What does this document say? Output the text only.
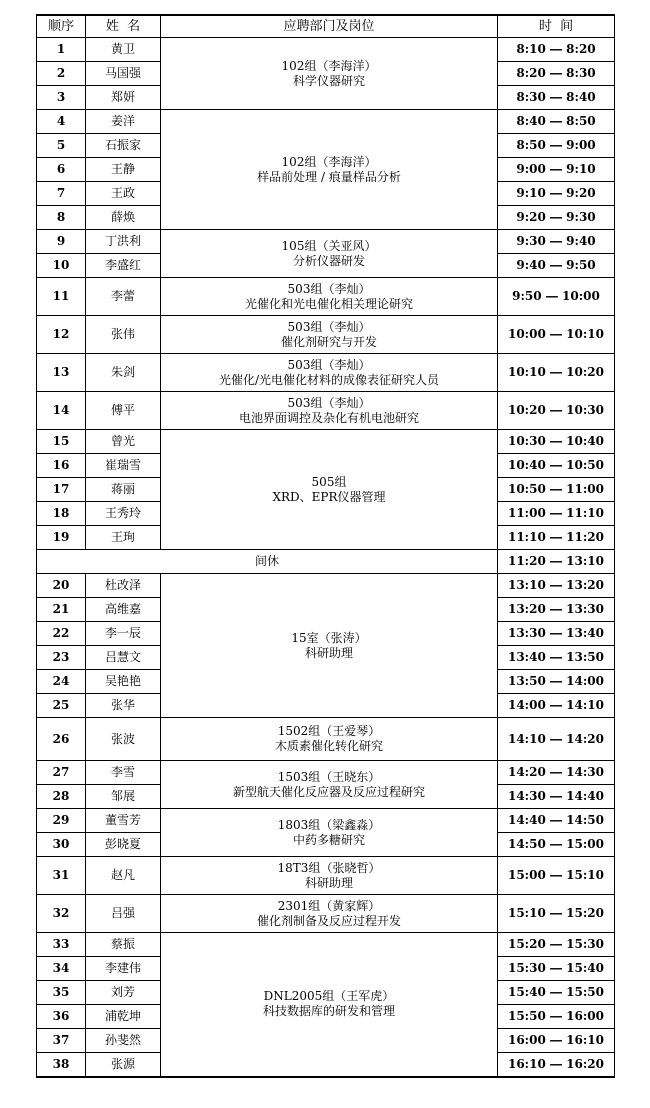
顺序	姓  名	应聘部门及岗位	时  间
1	黄卫	102组（李海洋）
科学仪器研究	8:10 ― 8:20
2	马国强		8:20 ― 8:30
3	郑妍		8:30 ― 8:40
4	姜洋	102组（李海洋）
样品前处理 / 痕量样品分析	8:40 ― 8:50
5	石振家		8:50 ― 9:00
6	王静		9:00 ― 9:10
7	王政		9:10 ― 9:20
8	薛焕		9:20 ― 9:30
9	丁洪利	105组（关亚风）
分析仪器研发	9:30 ― 9:40
10	李盛红		9:40 ― 9:50
11	李蕾	503组（李灿）
光催化和光电催化相关理论研究	9:50 ― 10:00
12	张伟	503组（李灿）
催化剂研究与开发	10:00 ― 10:10
13	朱剑	503组（李灿）
光催化/光电催化材料的成像表征研究人员	10:10 ― 10:20
14	傅平	503组（李灿）
电池界面调控及杂化有机电池研究	10:20 ― 10:30
15	曾光	505组
XRD、EPR仪器管理	10:30 ― 10:40
16	崔瑞雪		10:40 ― 10:50
17	蒋丽		10:50 ― 11:00
18	王秀玲		11:00 ― 11:10
19	王珣		11:10 ― 11:20
间休			11:20 ― 13:10
20	杜改泽	15室（张涛）
科研助理	13:10 ― 13:20
21	高维嘉		13:20 ― 13:30
22	李一辰		13:30 ― 13:40
23	吕慧文		13:40 ― 13:50
24	吴艳艳		13:50 ― 14:00
25	张华		14:00 ― 14:10
26	张波	1502组（王爱琴）
木质素催化转化研究	14:10 ― 14:20
27	李雪	1503组（王晓东）
新型航天催化反应器及反应过程研究	14:20 ― 14:30
28	邹展		14:30 ― 14:40
29	董雪芳	1803组（梁鑫淼）
中药多糖研究	14:40 ― 14:50
30	彭晓夏		14:50 ― 15:00
31	赵凡	18T3组（张晓哲）
科研助理	15:00 ― 15:10
32	吕强	2301组（黄家辉）
催化剂制备及反应过程开发	15:10 ― 15:20
33	蔡振	DNL2005组（王军虎）
科技数据库的研发和管理	15:20 ― 15:30
34	李建伟		15:30 ― 15:40
35	刘芳		15:40 ― 15:50
36	浦乾坤		15:50 ― 16:00
37	孙斐然		16:00 ― 16:10
38	张源		16:10 ― 16:20
